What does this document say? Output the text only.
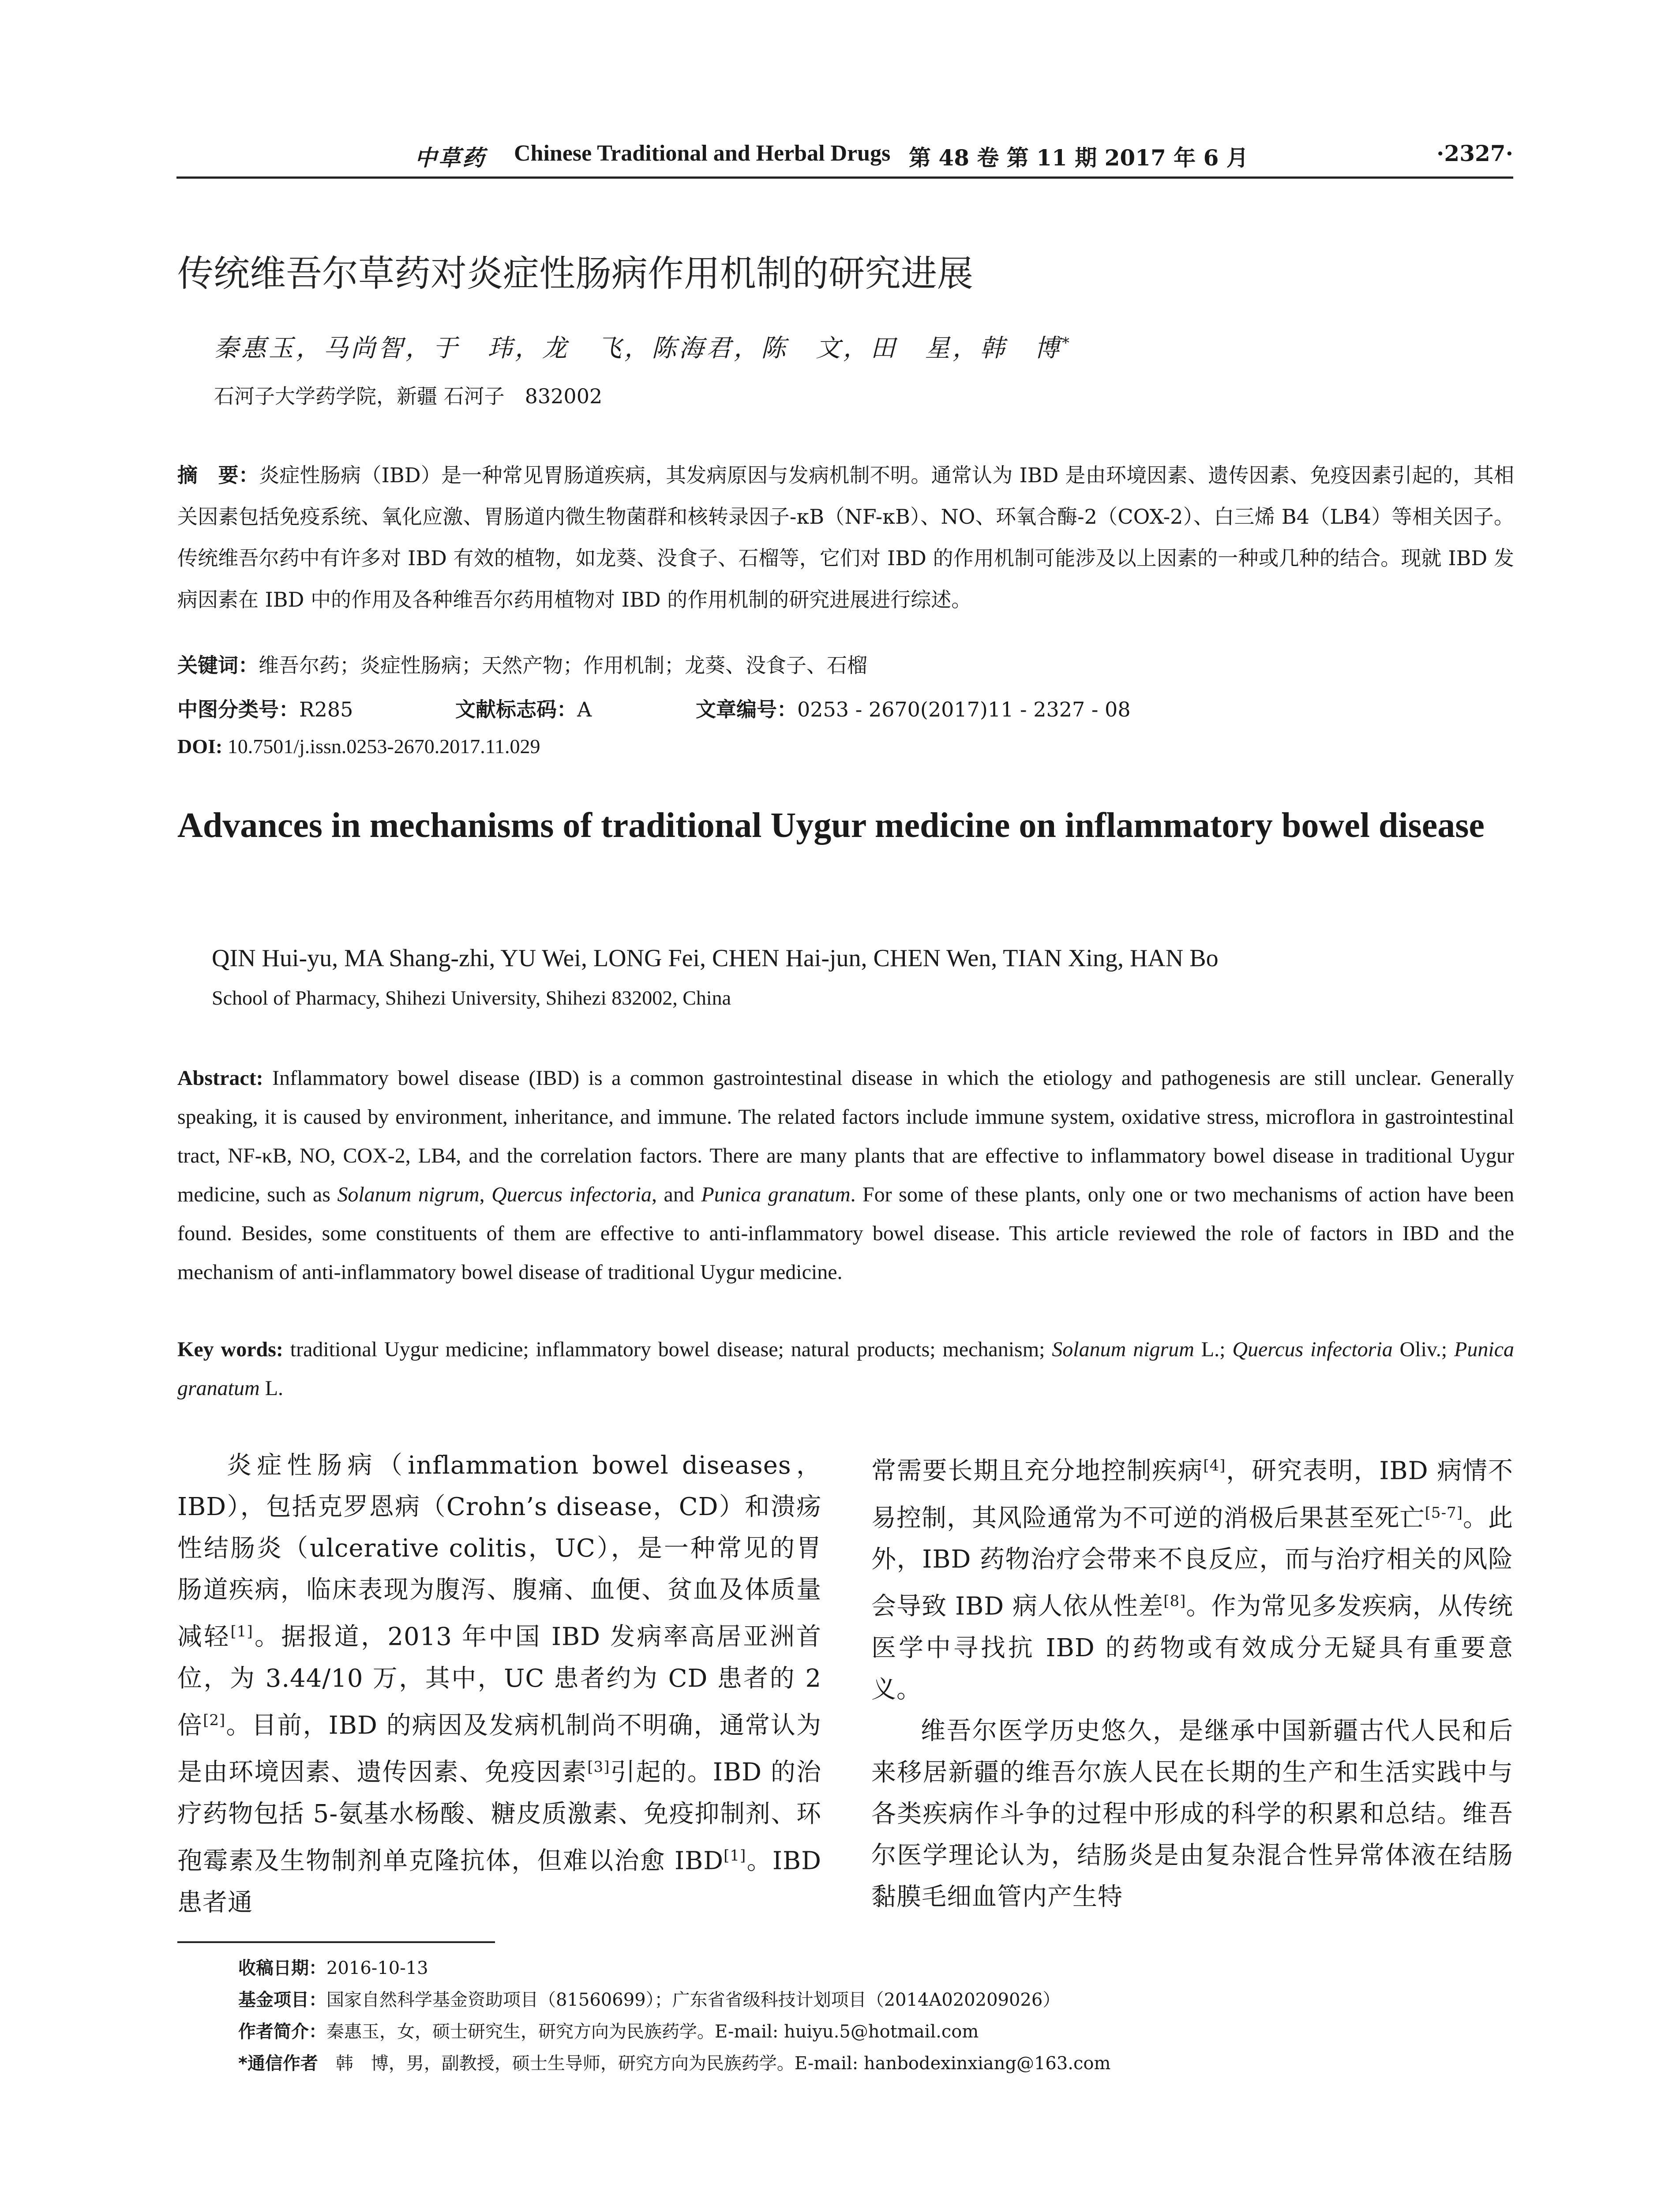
中草药 Chinese Traditional and Herbal Drugs 第 48 卷 第 11 期 2017 年 6 月	·2327·
传统维吾尔草药对炎症性肠病作用机制的研究进展
秦惠玉，马尚智，于　玮，龙　飞，陈海君，陈　文，田　星，韩　博*
石河子大学药学院，新疆 石河子　832002
摘　要：炎症性肠病（IBD）是一种常见胃肠道疾病，其发病原因与发病机制不明。通常认为 IBD 是由环境因素、遗传因素、免疫因素引起的，其相关因素包括免疫系统、氧化应激、胃肠道内微生物菌群和核转录因子-κB（NF-κB）、NO、环氧合酶-2（COX-2）、白三烯 B4（LB4）等相关因子。传统维吾尔药中有许多对 IBD 有效的植物，如龙葵、没食子、石榴等，它们对 IBD 的作用机制可能涉及以上因素的一种或几种的结合。现就 IBD 发病因素在 IBD 中的作用及各种维吾尔药用植物对 IBD 的作用机制的研究进展进行综述。
关键词：维吾尔药；炎症性肠病；天然产物；作用机制；龙葵、没食子、石榴
中图分类号：R285	文献标志码：A	文章编号：0253 - 2670(2017)11 - 2327 - 08
DOI: 10.7501/j.issn.0253-2670.2017.11.029
Advances in mechanisms of traditional Uygur medicine on inflammatory bowel disease
QIN Hui-yu, MA Shang-zhi, YU Wei, LONG Fei, CHEN Hai-jun, CHEN Wen, TIAN Xing, HAN Bo
School of Pharmacy, Shihezi University, Shihezi 832002, China
Abstract: Inflammatory bowel disease (IBD) is a common gastrointestinal disease in which the etiology and pathogenesis are still unclear. Generally speaking, it is caused by environment, inheritance, and immune. The related factors include immune system, oxidative stress, microflora in gastrointestinal tract, NF-κB, NO, COX-2, LB4, and the correlation factors. There are many plants that are effective to inflammatory bowel disease in traditional Uygur medicine, such as Solanum nigrum, Quercus infectoria, and Punica granatum. For some of these plants, only one or two mechanisms of action have been found. Besides, some constituents of them are effective to anti-inflammatory bowel disease. This article reviewed the role of factors in IBD and the mechanism of anti-inflammatory bowel disease of traditional Uygur medicine.
Key words: traditional Uygur medicine; inflammatory bowel disease; natural products; mechanism; Solanum nigrum L.; Quercus infectoria Oliv.; Punica granatum L.

炎症性肠病（inflammation bowel diseases，IBD），包括克罗恩病（Crohn’s disease，CD）和溃疡性结肠炎（ulcerative colitis，UC），是一种常见的胃肠道疾病，临床表现为腹泻、腹痛、血便、贫血及体质量减轻[1]。据报道，2013 年中国 IBD 发病率高居亚洲首位，为 3.44/10 万，其中，UC 患者约为 CD 患者的 2 倍[2]。目前，IBD 的病因及发病机制尚不明确，通常认为是由环境因素、遗传因素、免疫因素[3]引起的。IBD 的治疗药物包括 5-氨基水杨酸、糖皮质激素、免疫抑制剂、环孢霉素及生物制剂单克隆抗体，但难以治愈 IBD[1]。IBD 患者通

常需要长期且充分地控制疾病[4]，研究表明，IBD 病情不易控制，其风险通常为不可逆的消极后果甚至死亡[5-7]。此外，IBD 药物治疗会带来不良反应，而与治疗相关的风险会导致 IBD 病人依从性差[8]。作为常见多发疾病，从传统医学中寻找抗 IBD 的药物或有效成分无疑具有重要意义。

维吾尔医学历史悠久，是继承中国新疆古代人民和后来移居新疆的维吾尔族人民在长期的生产和生活实践中与各类疾病作斗争的过程中形成的科学的积累和总结。维吾尔医学理论认为，结肠炎是由复杂混合性异常体液在结肠黏膜毛细血管内产生特

收稿日期：2016-10-13
基金项目：国家自然科学基金资助项目（81560699）；广东省省级科技计划项目（2014A020209026）
作者简介：秦惠玉，女，硕士研究生，研究方向为民族药学。E-mail: huiyu.5@hotmail.com
*通信作者　 韩　博，男，副教授，硕士生导师，研究方向为民族药学。E-mail: hanbodexinxiang@163.com
